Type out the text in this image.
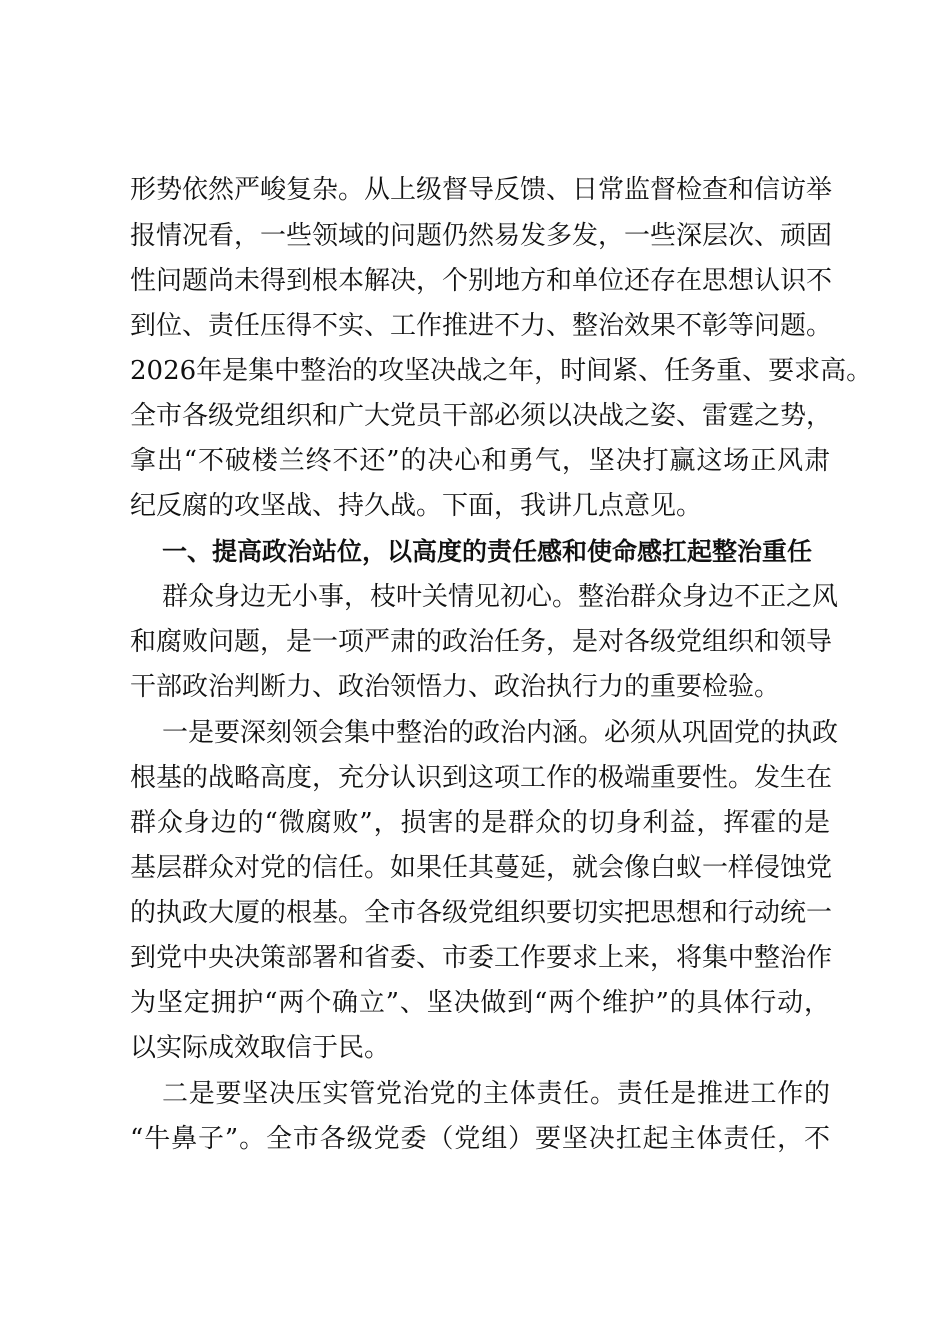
形势依然严峻复杂。从上级督导反馈、日常监督检查和信访举
报情况看，一些领域的问题仍然易发多发，一些深层次、顽固
性问题尚未得到根本解决，个别地方和单位还存在思想认识不
到位、责任压得不实、工作推进不力、整治效果不彰等问题。
2026年是集中整治的攻坚决战之年，时间紧、任务重、要求高。
全市各级党组织和广大党员干部必须以决战之姿、雷霆之势，
拿出“不破楼兰终不还”的决心和勇气，坚决打赢这场正风肃
纪反腐的攻坚战、持久战。下面，我讲几点意见。
一、提高政治站位，以高度的责任感和使命感扛起整治重任
群众身边无小事，枝叶关情见初心。整治群众身边不正之风
和腐败问题，是一项严肃的政治任务，是对各级党组织和领导
干部政治判断力、政治领悟力、政治执行力的重要检验。
一是要深刻领会集中整治的政治内涵。必须从巩固党的执政
根基的战略高度，充分认识到这项工作的极端重要性。发生在
群众身边的“微腐败”，损害的是群众的切身利益，挥霍的是
基层群众对党的信任。如果任其蔓延，就会像白蚁一样侵蚀党
的执政大厦的根基。全市各级党组织要切实把思想和行动统一
到党中央决策部署和省委、市委工作要求上来，将集中整治作
为坚定拥护“两个确立”、坚决做到“两个维护”的具体行动，
以实际成效取信于民。
二是要坚决压实管党治党的主体责任。责任是推进工作的
“牛鼻子”。全市各级党委（党组）要坚决扛起主体责任，不
